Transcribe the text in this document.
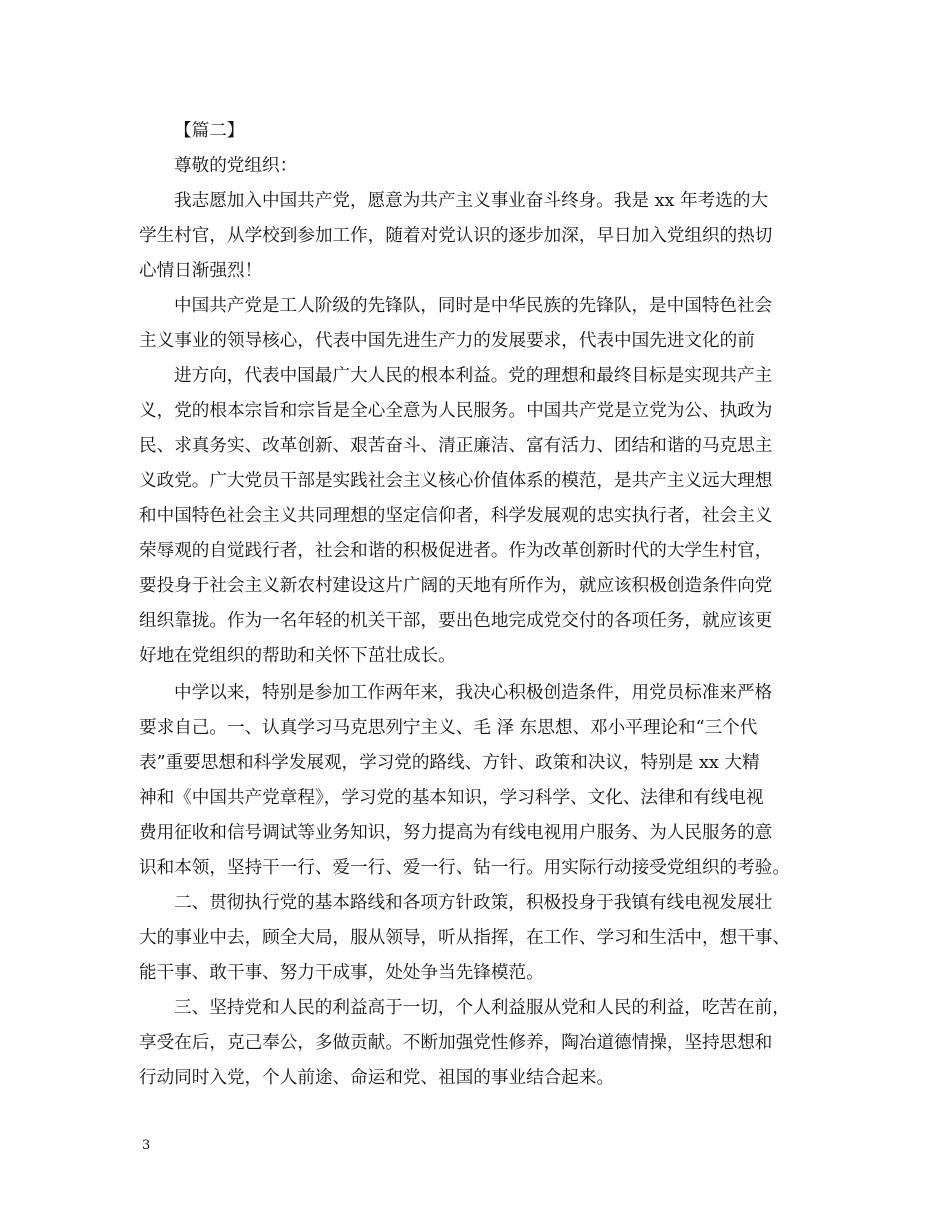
【篇二】
尊敬的党组织：
我志愿加入中国共产党，愿意为共产主义事业奋斗终身。我是 xx 年考选的大
学生村官，从学校到参加工作，随着对党认识的逐步加深，早日加入党组织的热切
心情日渐强烈！
中国共产党是工人阶级的先锋队，同时是中华民族的先锋队，是中国特色社会
主义事业的领导核心，代表中国先进生产力的发展要求，代表中国先进文化的前
进方向，代表中国最广大人民的根本利益。党的理想和最终目标是实现共产主
义，党的根本宗旨和宗旨是全心全意为人民服务。中国共产党是立党为公、执政为
民、求真务实、改革创新、艰苦奋斗、清正廉洁、富有活力、团结和谐的马克思主
义政党。广大党员干部是实践社会主义核心价值体系的模范，是共产主义远大理想
和中国特色社会主义共同理想的坚定信仰者，科学发展观的忠实执行者，社会主义
荣辱观的自觉践行者，社会和谐的积极促进者。作为改革创新时代的大学生村官，
要投身于社会主义新农村建设这片广阔的天地有所作为，就应该积极创造条件向党
组织靠拢。作为一名年轻的机关干部，要出色地完成党交付的各项任务，就应该更
好地在党组织的帮助和关怀下茁壮成长。
中学以来，特别是参加工作两年来，我决心积极创造条件，用党员标准来严格
要求自己。一、认真学习马克思列宁主义、毛 泽 东思想、邓小平理论和“三个代
表”重要思想和科学发展观，学习党的路线、方针、政策和决议，特别是 xx 大精
神和《中国共产党章程》，学习党的基本知识，学习科学、文化、法律和有线电视
费用征收和信号调试等业务知识，努力提高为有线电视用户服务、为人民服务的意
识和本领，坚持干一行、爱一行、爱一行、钻一行。用实际行动接受党组织的考验。
二、贯彻执行党的基本路线和各项方针政策，积极投身于我镇有线电视发展壮
大的事业中去，顾全大局，服从领导，听从指挥，在工作、学习和生活中，想干事、
能干事、敢干事、努力干成事，处处争当先锋模范。
三、坚持党和人民的利益高于一切，个人利益服从党和人民的利益，吃苦在前，
享受在后，克己奉公，多做贡献。不断加强党性修养，陶冶道德情操，坚持思想和
行动同时入党，个人前途、命运和党、祖国的事业结合起来。
3
